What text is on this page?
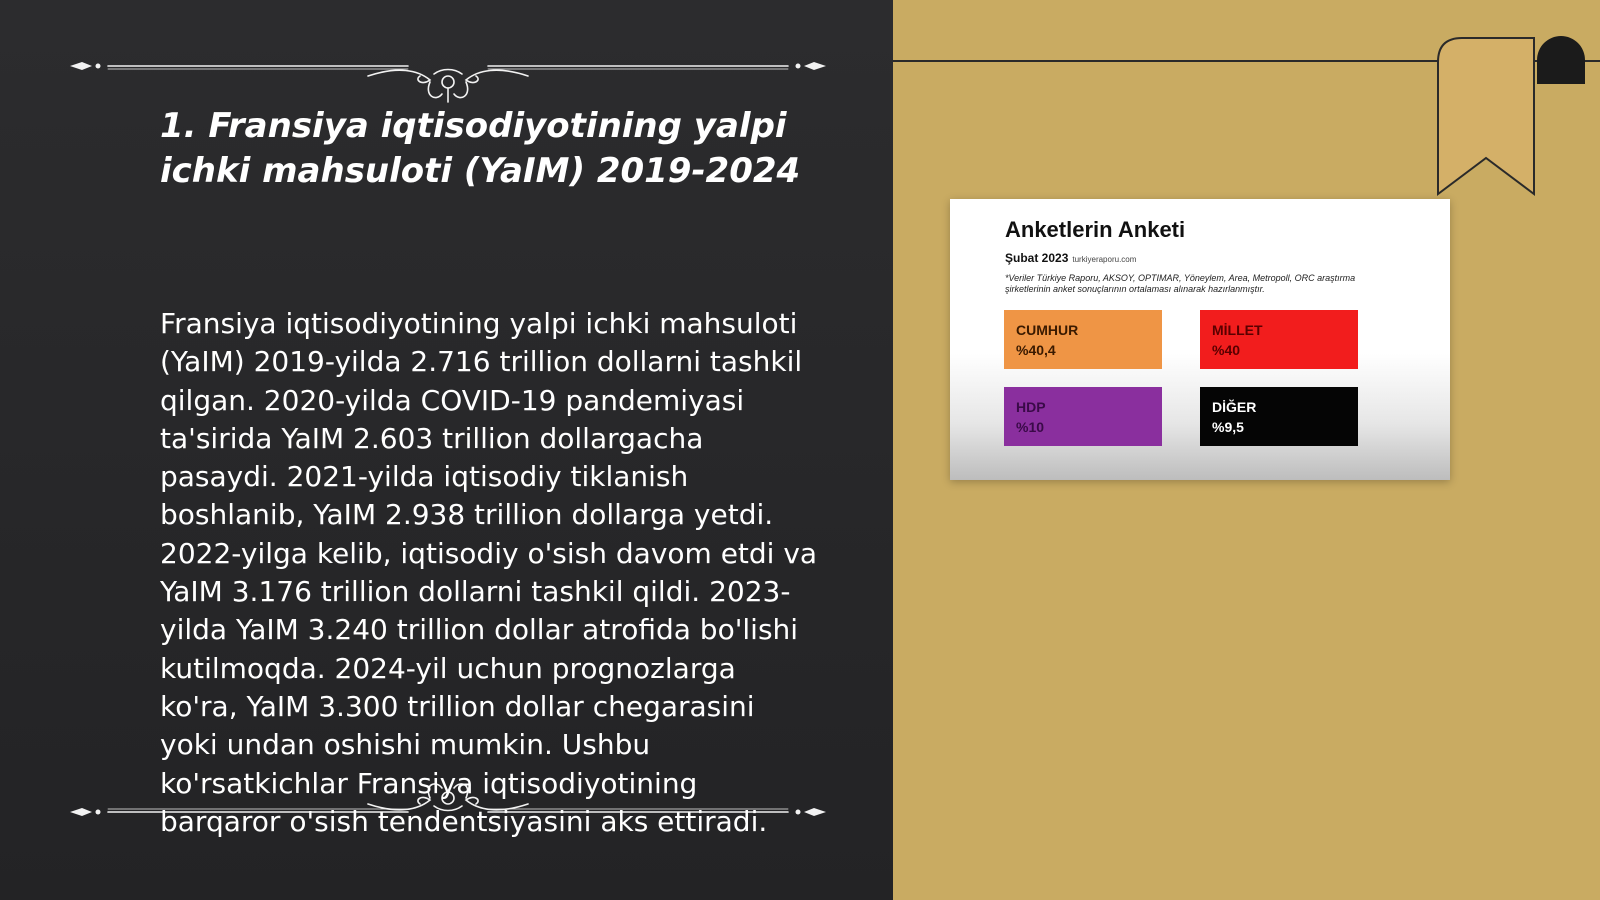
1. Fransiya iqtisodiyotining yalpi ichki mahsuloti (YaIM) 2019-2024

Fransiya iqtisodiyotining yalpi ichki mahsuloti (YaIM) 2019-yilda 2.716 trillion dollarni tashkil qilgan. 2020-yilda COVID-19 pandemiyasi ta'sirida YaIM 2.603 trillion dollargacha pasaydi. 2021-yilda iqtisodiy tiklanish boshlanib, YaIM 2.938 trillion dollarga yetdi. 2022-yilga kelib, iqtisodiy o'sish davom etdi va YaIM 3.176 trillion dollarni tashkil qildi. 2023-yilda YaIM 3.240 trillion dollar atrofida bo'lishi kutilmoqda. 2024-yil uchun prognozlarga ko'ra, YaIM 3.300 trillion dollar chegarasini yoki undan oshishi mumkin. Ushbu ko'rsatkichlar Fransiya iqtisodiyotining barqaror o'sish tendentsiyasini aks ettiradi.

Anketlerin Anketi
Şubat 2023 turkiyeraporu.com

*Veriler Türkiye Raporu, AKSOY, OPTIMAR, Yöneylem, Area, Metropoll, ORC araştırma şirketlerinin anket sonuçlarının ortalaması alınarak hazırlanmıştır.

CUMHUR
%40,4
MİLLET
%40
HDP
%10
DİĞER
%9,5
